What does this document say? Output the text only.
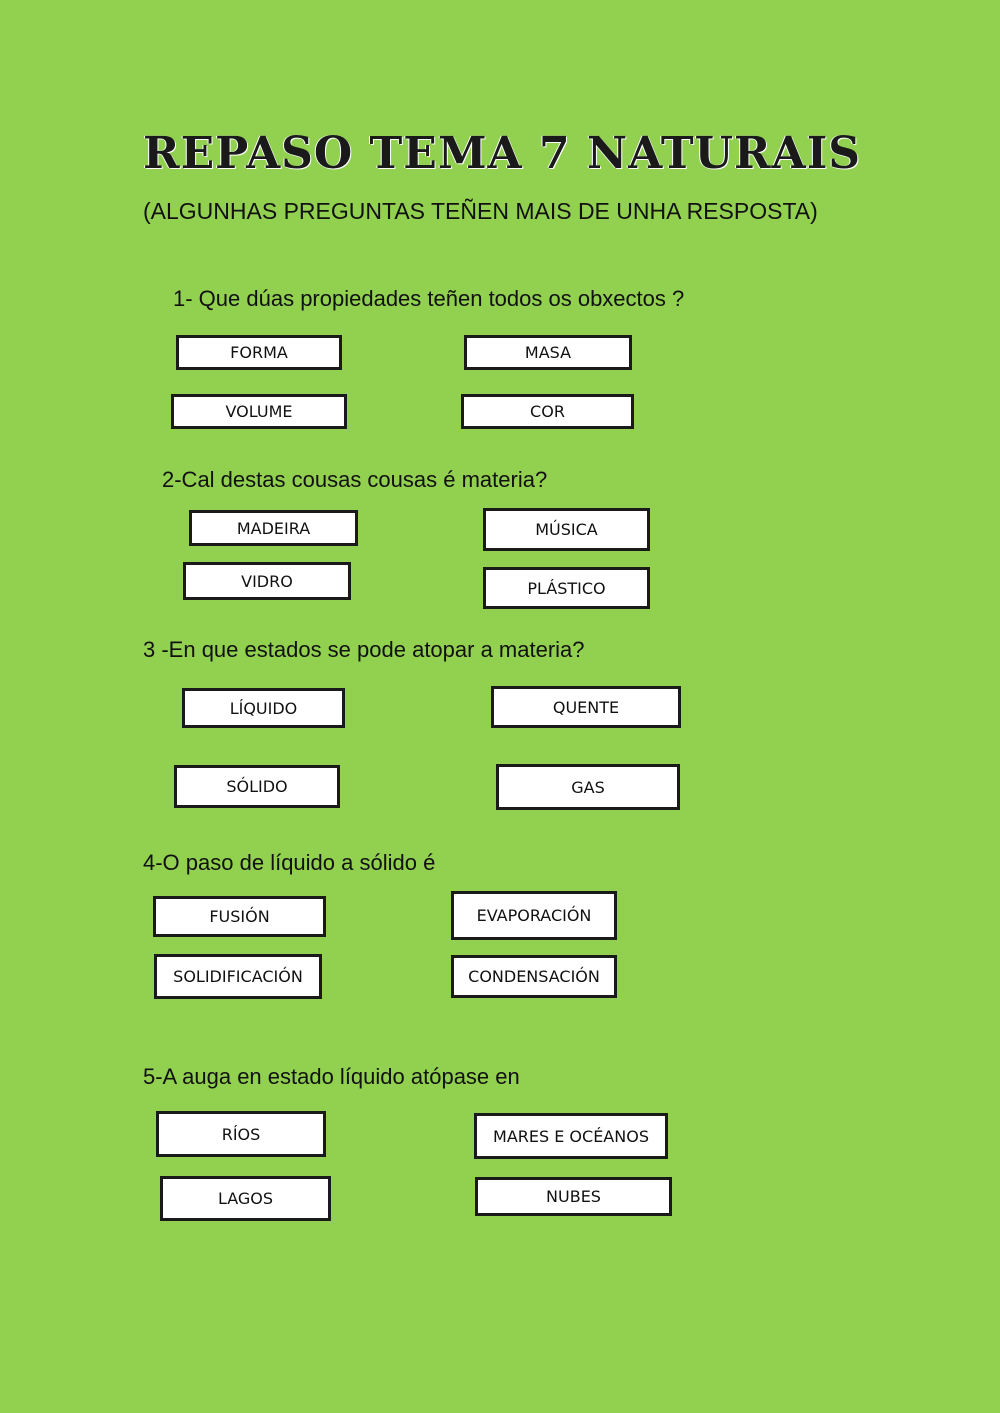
REPASO TEMA 7 NATURAIS
(ALGUNHAS PREGUNTAS TEÑEN MAIS DE UNHA RESPOSTA)
1- Que dúas propiedades teñen todos os obxectos ?
FORMA	MASA
VOLUME	COR
2-Cal destas cousas cousas é materia?
MADEIRA	MÚSICA
VIDRO	PLÁSTICO
3 -En que estados se pode atopar a materia?
LÍQUIDO	QUENTE
SÓLIDO	GAS
4-O paso de líquido a sólido é
FUSIÓN	EVAPORACIÓN
SOLIDIFICACIÓN	CONDENSACIÓN
5-A auga en estado líquido atópase en
RÍOS	MARES E OCÉANOS
LAGOS	NUBES
